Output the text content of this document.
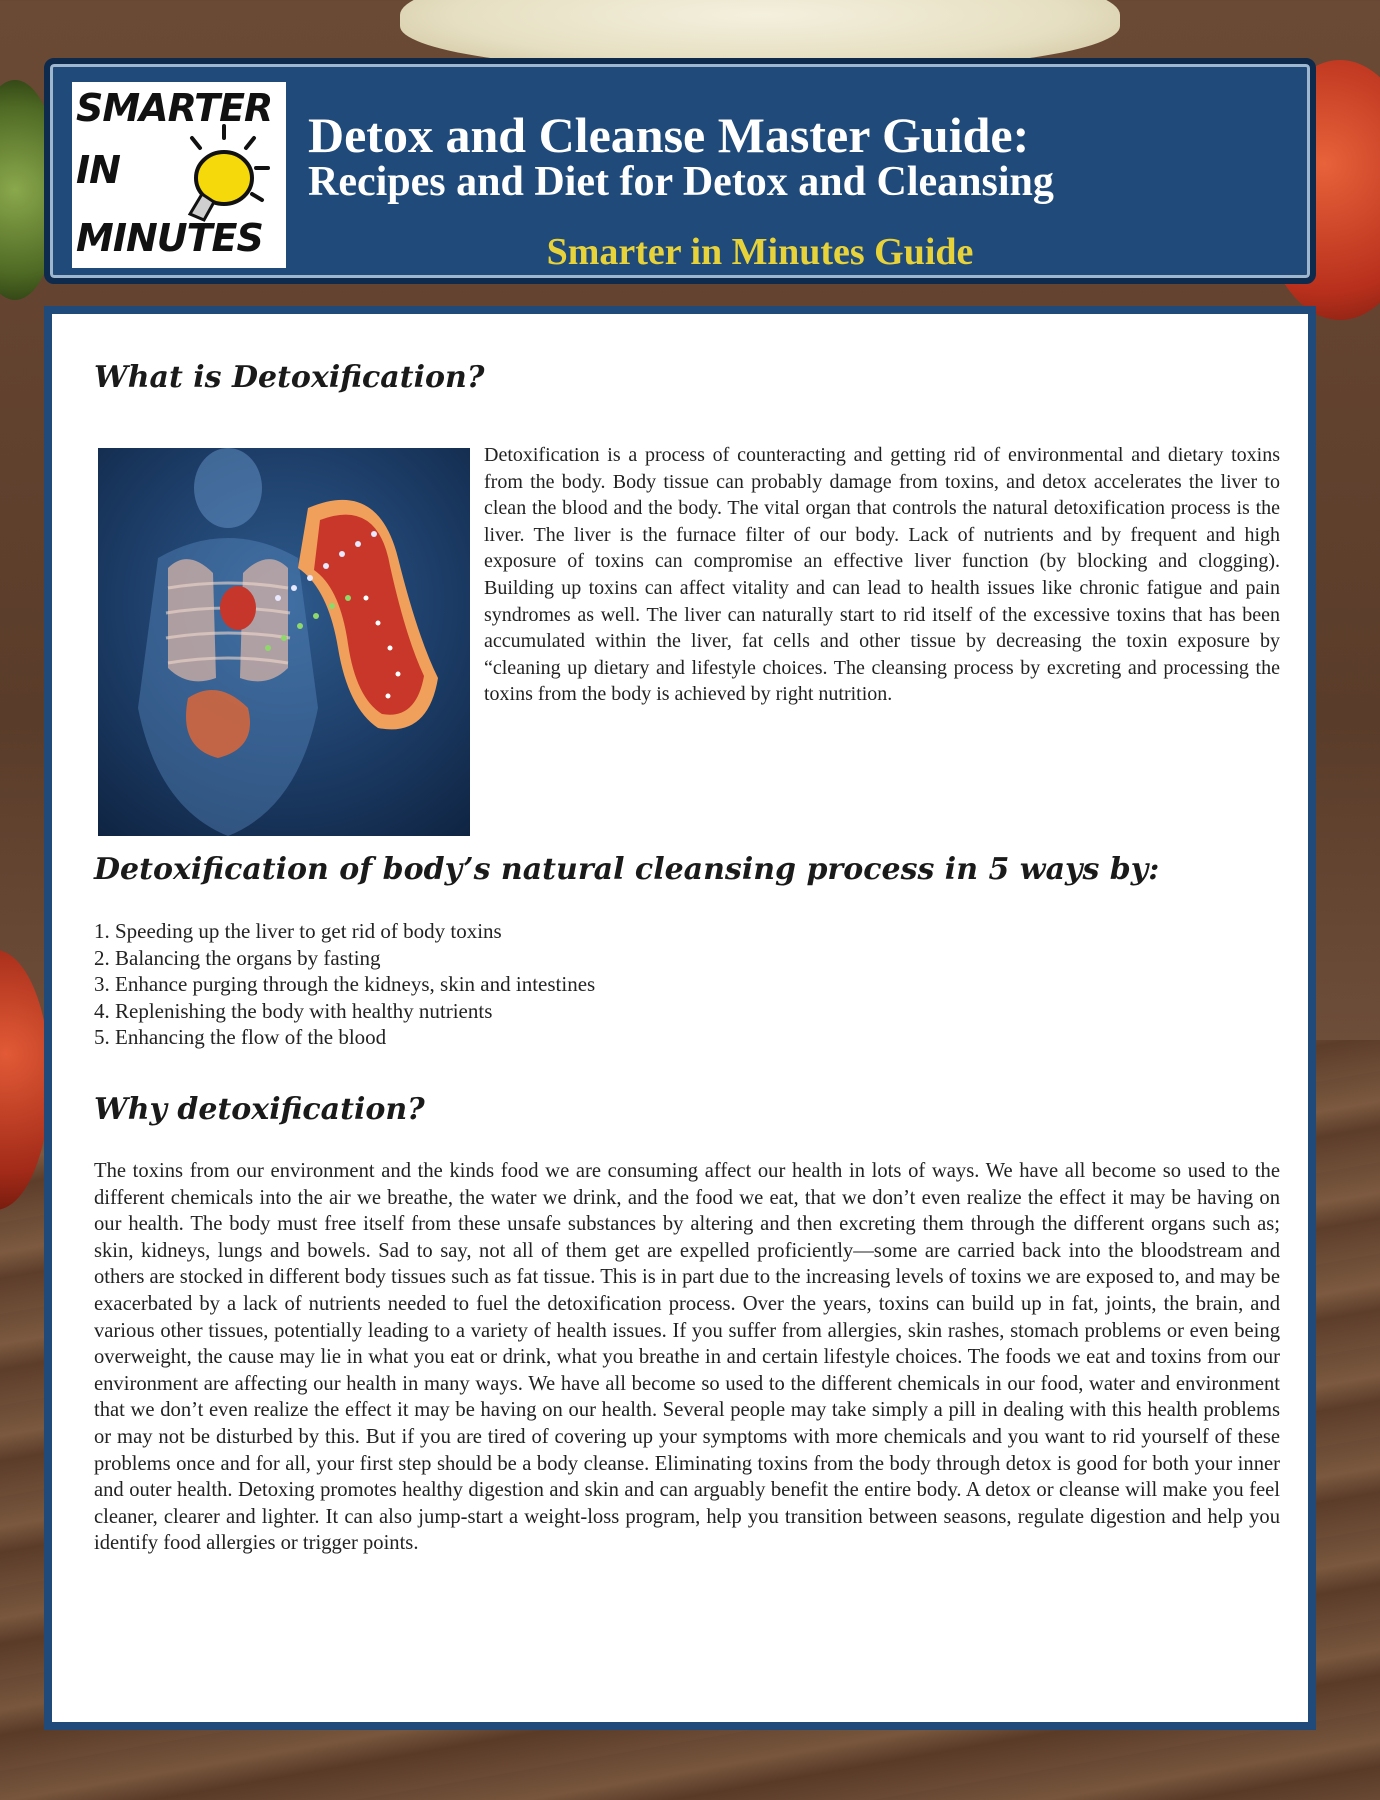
SMARTER
IN
MINUTES
Detox and Cleanse Master Guide:
Recipes and Diet for Detox and Cleansing
Smarter in Minutes Guide
What is Detoxification?
Detoxification is a process of counteracting and getting rid of environmental and dietary toxins from the body. Body tissue can probably damage from toxins, and detox accelerates the liver to clean the blood and the body. The vital organ that controls the natural detoxification process is the liver. The liver is the furnace filter of our body. Lack of nutrients and by frequent and high exposure of toxins can compromise an effective liver function (by blocking and clogging). Building up toxins can affect vitality and can lead to health issues like chronic fatigue and pain syndromes as well. The liver can naturally start to rid itself of the excessive toxins that has been accumulated within the liver, fat cells and other tissue by decreasing the toxin exposure by “cleaning up dietary and lifestyle choices. The cleansing process by excreting and processing the toxins from the body is achieved by right nutrition.
Detoxification of body’s natural cleansing process in 5 ways by:
1. Speeding up the liver to get rid of body toxins
2. Balancing the organs by fasting
3. Enhance purging through the kidneys, skin and intestines
4. Replenishing the body with healthy nutrients
5. Enhancing the flow of the blood
Why detoxification?
The toxins from our environment and the kinds food we are consuming affect our health in lots of ways. We have all become so used to the different chemicals into the air we breathe, the water we drink, and the food we eat, that we don’t even realize the effect it may be having on our health. The body must free itself from these unsafe substances by altering and then excreting them through the different organs such as; skin, kidneys, lungs and bowels. Sad to say, not all of them get are expelled proficiently—some are carried back into the bloodstream and others are stocked in different body tissues such as fat tissue. This is in part due to the increasing levels of toxins we are exposed to, and may be exacerbated by a lack of nutrients needed to fuel the detoxification process. Over the years, toxins can build up in fat, joints, the brain, and various other tissues, potentially leading to a variety of health issues. If you suffer from allergies, skin rashes, stomach problems or even being overweight, the cause may lie in what you eat or drink, what you breathe in and certain lifestyle choices. The foods we eat and toxins from our environment are affecting our health in many ways. We have all become so used to the different chemicals in our food, water and environment that we don’t even realize the effect it may be having on our health. Several people may take simply a pill in dealing with this health problems or may not be disturbed by this. But if you are tired of covering up your symptoms with more chemicals and you want to rid yourself of these problems once and for all, your first step should be a body cleanse. Eliminating toxins from the body through detox is good for both your inner and outer health. Detoxing promotes healthy digestion and skin and can arguably benefit the entire body. A detox or cleanse will make you feel cleaner, clearer and lighter. It can also jump-start a weight-loss program, help you transition between seasons, regulate digestion and help you identify food allergies or trigger points.
